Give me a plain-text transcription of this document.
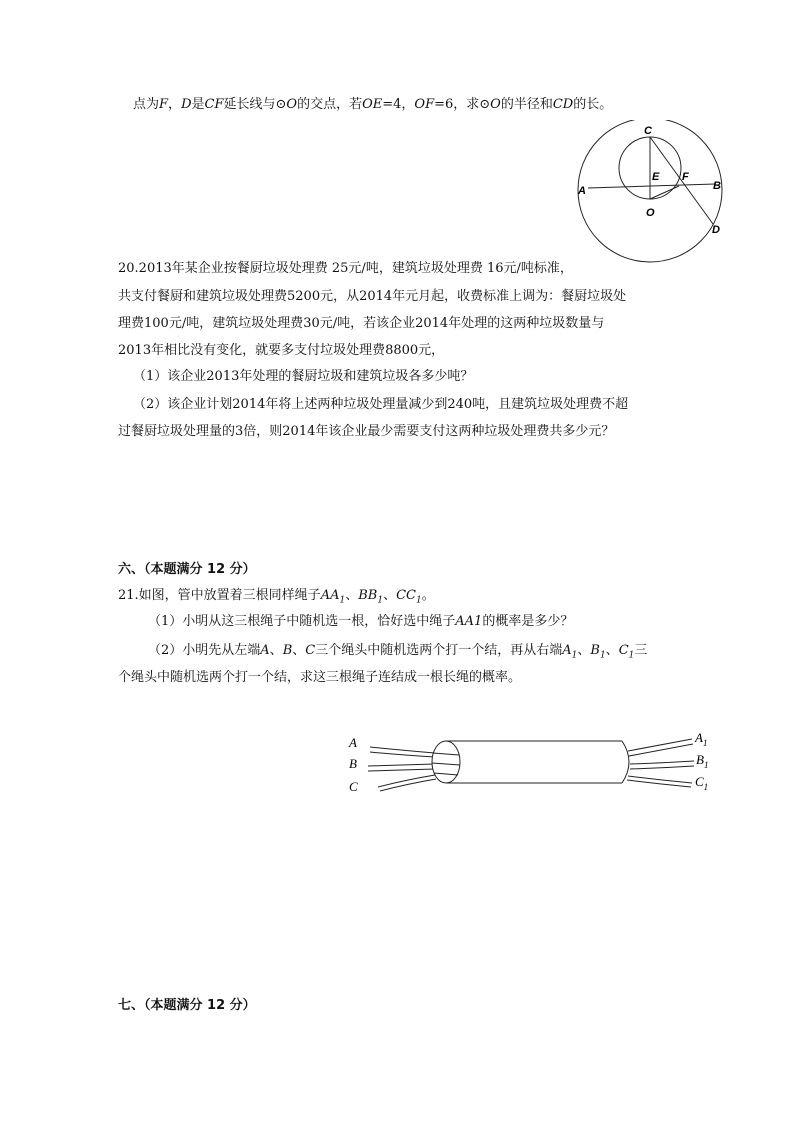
点为F，D是CF延长线与⊙O的交点，若OE=4，OF=6，求⊙O的半径和CD的长。
C
E F
B
A
O
D
20.2013年某企业按餐厨垃圾处理费 25元/吨，建筑垃圾处理费 16元/吨标准，
共支付餐厨和建筑垃圾处理费5200元，从2014年元月起，收费标准上调为：餐厨垃圾处
理费100元/吨，建筑垃圾处理费30元/吨，若该企业2014年处理的这两种垃圾数量与
2013年相比没有变化，就要多支付垃圾处理费8800元，
（1）该企业2013年处理的餐厨垃圾和建筑垃圾各多少吨？
（2）该企业计划2014年将上述两种垃圾处理量减少到240吨，且建筑垃圾处理费不超
过餐厨垃圾处理量的3倍，则2014年该企业最少需要支付这两种垃圾处理费共多少元？
六、（本题满分 12 分）
21.如图，管中放置着三根同样绳子$AA_1$、$BB_1$、$CC_1$。
（1）小明从这三根绳子中随机选一根，恰好选中绳子AA1的概率是多少？
（2）小明先从左端A、B、C三个绳头中随机选两个打一个结，再从右端$A_1$、$B_1$、$C_1$三
个绳头中随机选两个打一个结，求这三根绳子连结成一根长绳的概率。
A
B
C
$A_1$
$B_1$
$C_1$
七、（本题满分 12 分）
